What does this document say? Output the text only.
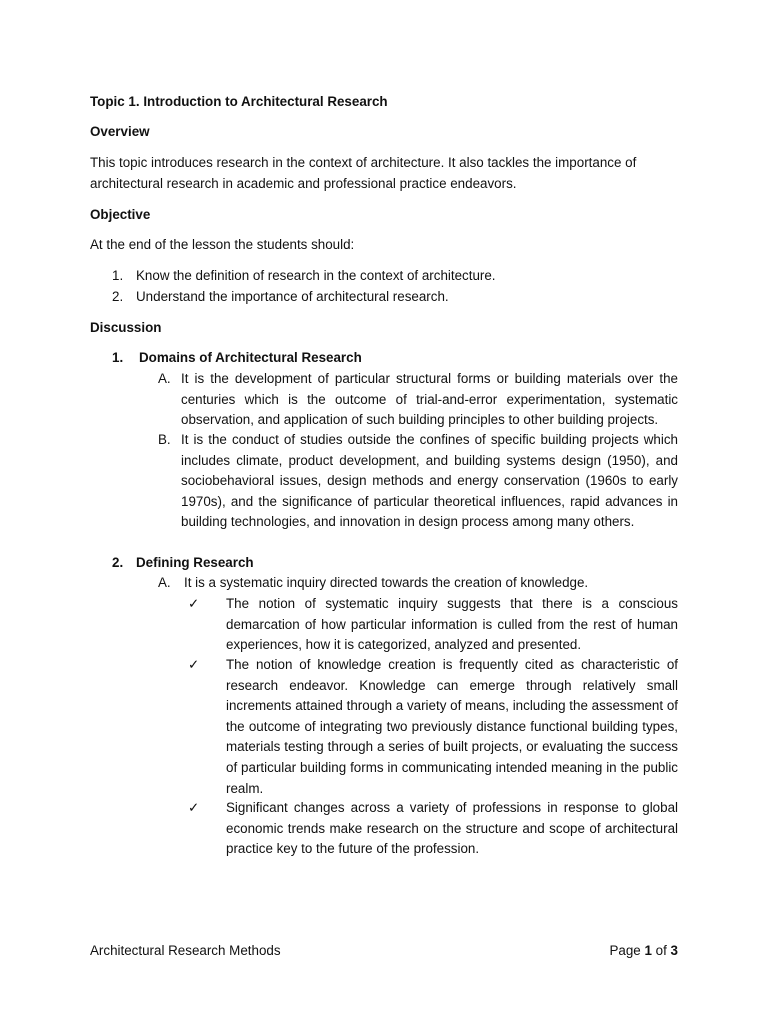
Topic 1. Introduction to Architectural Research
Overview

This topic introduces research in the context of architecture. It also tackles the importance of architectural research in academic and professional practice endeavors.

Objective
At the end of the lesson the students should:
1. Know the definition of research in the context of architecture.
2. Understand the importance of architectural research.
Discussion
1.	Domains of Architectural Research
A. It is the development of particular structural forms or building materials over the centuries which is the outcome of trial-and-error experimentation, systematic observation, and application of such building principles to other building projects.

B. It is the conduct of studies outside the confines of specific building projects which includes climate, product development, and building systems design (1950), and sociobehavioral issues, design methods and energy conservation (1960s to early 1970s), and the significance of particular theoretical influences, rapid advances in building technologies, and innovation in design process among many others.

2. Defining Research
A. It is a systematic inquiry directed towards the creation of knowledge.

✓	The notion of systematic inquiry suggests that there is a conscious demarcation of how particular information is culled from the rest of human experiences, how it is categorized, analyzed and presented.

✓	The notion of knowledge creation is frequently cited as characteristic of research endeavor. Knowledge can emerge through relatively small increments attained through a variety of means, including the assessment of the outcome of integrating two previously distance functional building types, materials testing through a series of built projects, or evaluating the success of particular building forms in communicating intended meaning in the public realm.

✓	Significant changes across a variety of professions in response to global economic trends make research on the structure and scope of architectural practice key to the future of the profession.

Architectural Research Methods	Page 1 of 3
